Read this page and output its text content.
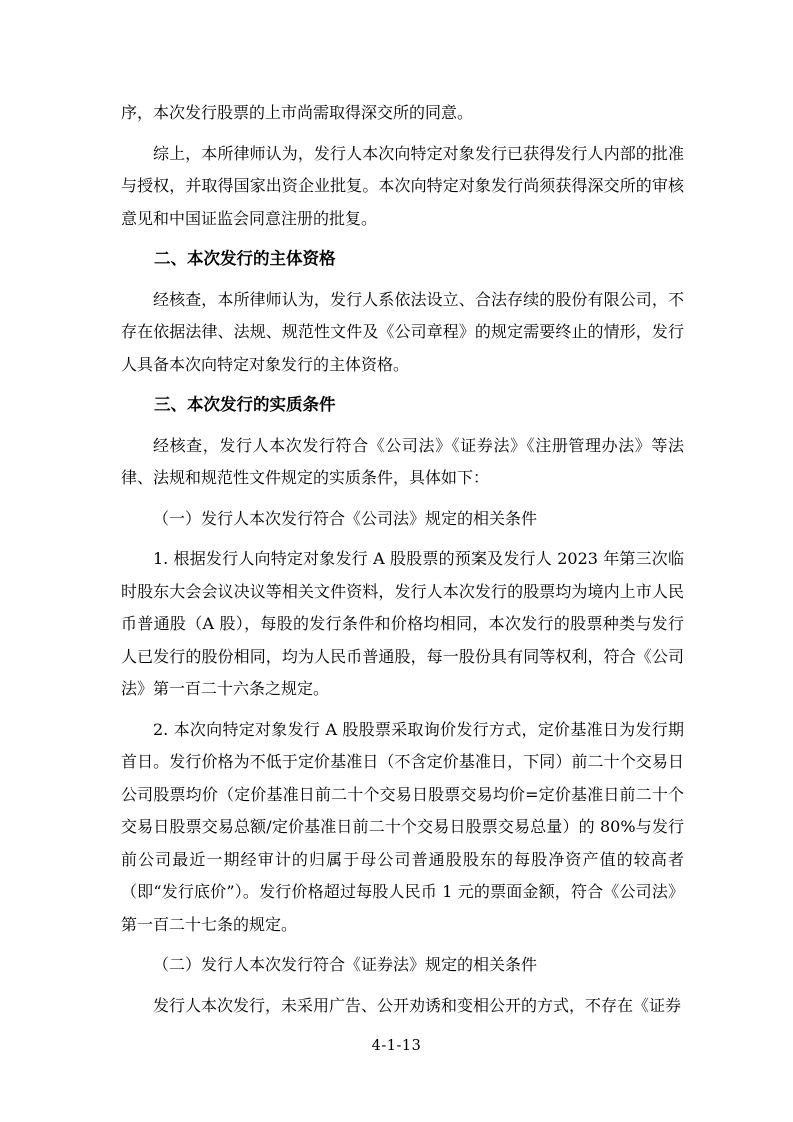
序，本次发行股票的上市尚需取得深交所的同意。

综上，本所律师认为，发行人本次向特定对象发行已获得发行人内部的批准与授权，并取得国家出资企业批复。本次向特定对象发行尚须获得深交所的审核意见和中国证监会同意注册的批复。

二、本次发行的主体资格

经核查，本所律师认为，发行人系依法设立、合法存续的股份有限公司，不存在依据法律、法规、规范性文件及《公司章程》的规定需要终止的情形，发行人具备本次向特定对象发行的主体资格。

三、本次发行的实质条件

经核查，发行人本次发行符合《公司法》《证券法》《注册管理办法》等法律、法规和规范性文件规定的实质条件，具体如下：

（一）发行人本次发行符合《公司法》规定的相关条件

1. 根据发行人向特定对象发行 A 股股票的预案及发行人 2023 年第三次临时股东大会会议决议等相关文件资料，发行人本次发行的股票均为境内上市人民币普通股（A 股），每股的发行条件和价格均相同，本次发行的股票种类与发行人已发行的股份相同，均为人民币普通股，每一股份具有同等权利，符合《公司法》第一百二十六条之规定。

2. 本次向特定对象发行 A 股股票采取询价发行方式，定价基准日为发行期首日。发行价格为不低于定价基准日（不含定价基准日，下同）前二十个交易日公司股票均价（定价基准日前二十个交易日股票交易均价=定价基准日前二十个交易日股票交易总额/定价基准日前二十个交易日股票交易总量）的 80%与发行前公司最近一期经审计的归属于母公司普通股股东的每股净资产值的较高者（即“发行底价”）。发行价格超过每股人民币 1 元的票面金额，符合《公司法》第一百二十七条的规定。

（二）发行人本次发行符合《证券法》规定的相关条件

发行人本次发行，未采用广告、公开劝诱和变相公开的方式，不存在《证券

4-1-13
